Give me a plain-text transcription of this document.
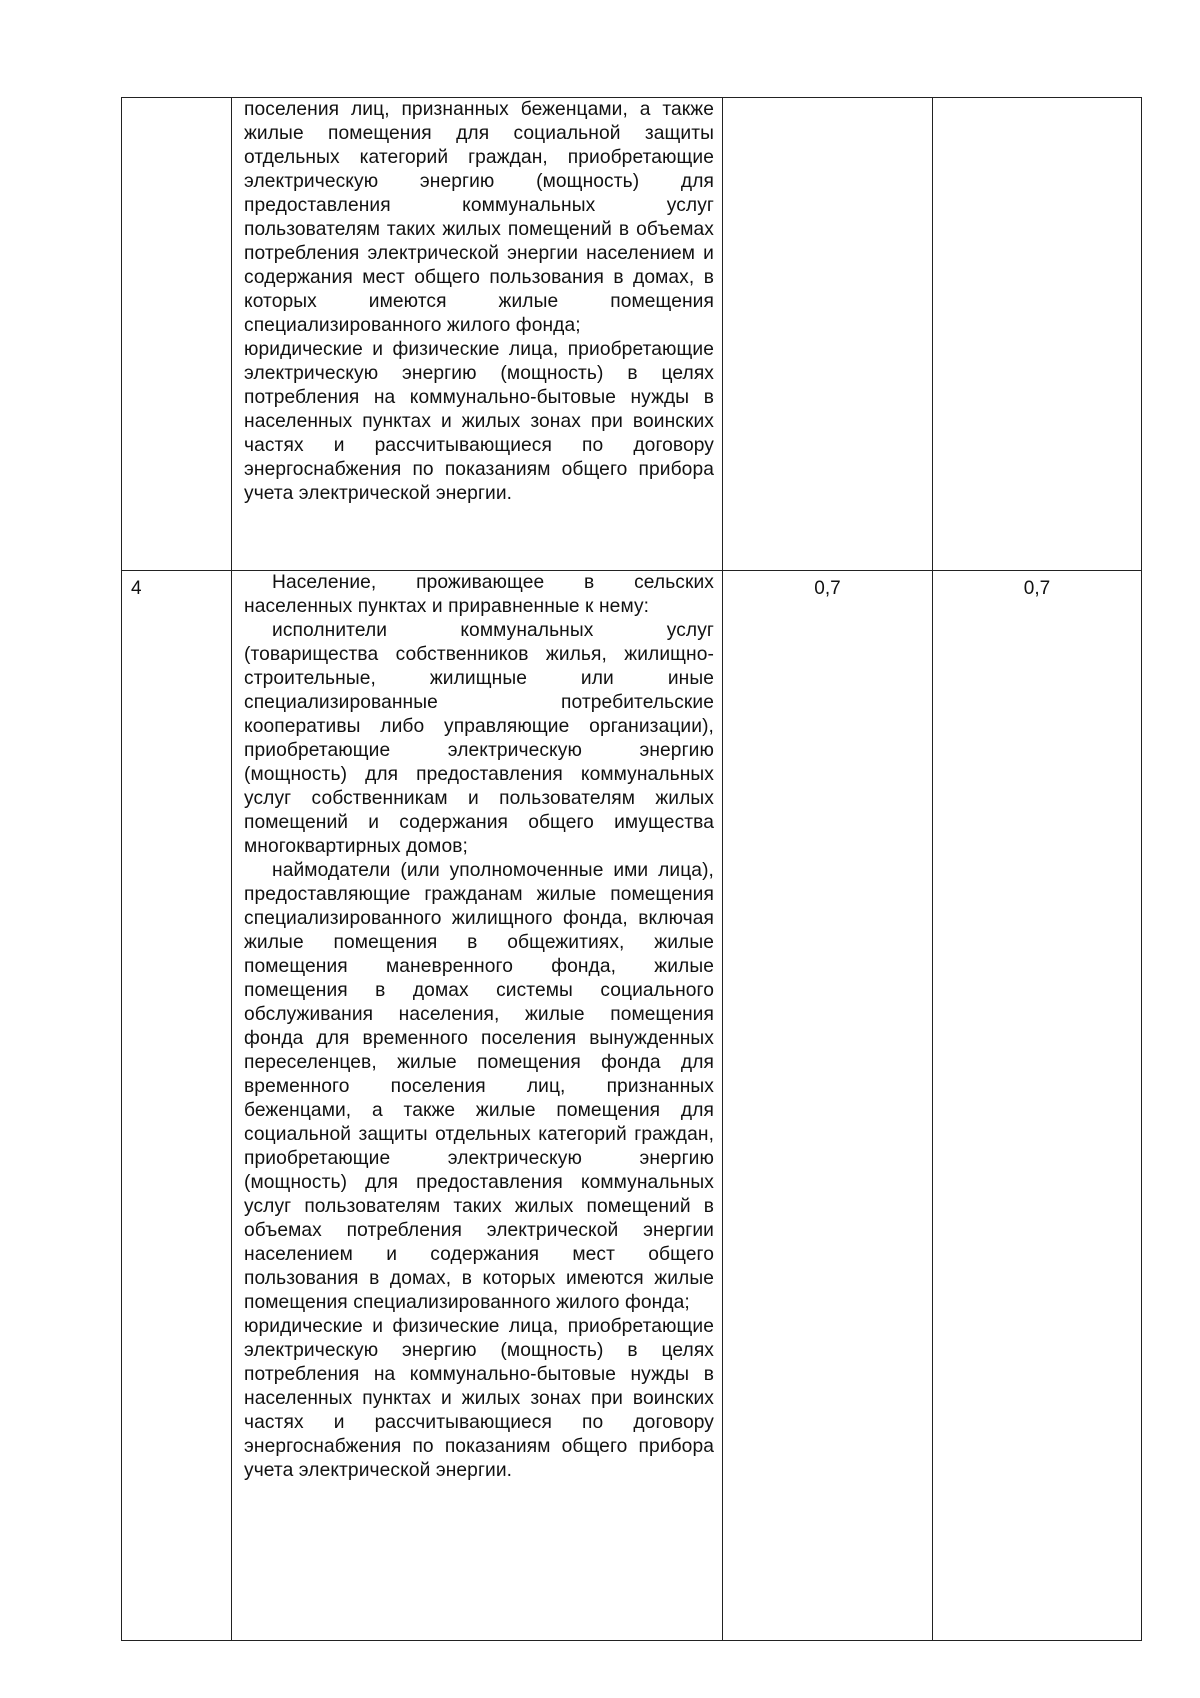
	поселения лиц, признанных беженцами, а также жилые помещения для социальной защиты отдельных категорий граждан, приобретающие электрическую энергию (мощность) для предоставления коммунальных услуг пользователям таких жилых помещений в объемах потребления электрической энергии населением и содержания мест общего пользования в домах, в которых имеются жилые помещения специализированного жилого фонда;

юридические и физические лица, приобретающие электрическую энергию (мощность) в целях потребления на коммунально-бытовые нужды в населенных пунктах и жилых зонах при воинских частях и рассчитывающиеся по договору энергоснабжения по показаниям общего прибора учета электрической энергии.		

4	Население, проживающее в сельских населенных пунктах и приравненные к нему:

исполнители коммунальных услуг (товарищества собственников жилья, жилищно-строительные, жилищные или иные специализированные потребительские кооперативы либо управляющие организации), приобретающие электрическую энергию (мощность) для предоставления коммунальных услуг собственникам и пользователям жилых помещений и содержания общего имущества многоквартирных домов;

наймодатели (или уполномоченные ими лица), предоставляющие гражданам жилые помещения специализированного жилищного фонда, включая жилые помещения в общежитиях, жилые помещения маневренного фонда, жилые помещения в домах системы социального обслуживания населения, жилые помещения фонда для временного поселения вынужденных переселенцев, жилые помещения фонда для временного поселения лиц, признанных беженцами, а также жилые помещения для социальной защиты отдельных категорий граждан, приобретающие электрическую энергию (мощность) для предоставления коммунальных услуг пользователям таких жилых помещений в объемах потребления электрической энергии населением и содержания мест общего пользования в домах, в которых имеются жилые помещения специализированного жилого фонда;

юридические и физические лица, приобретающие электрическую энергию (мощность) в целях потребления на коммунально-бытовые нужды в населенных пунктах и жилых зонах при воинских частях и рассчитывающиеся по договору энергоснабжения по показаниям общего прибора учета электрической энергии.	0,7	0,7
